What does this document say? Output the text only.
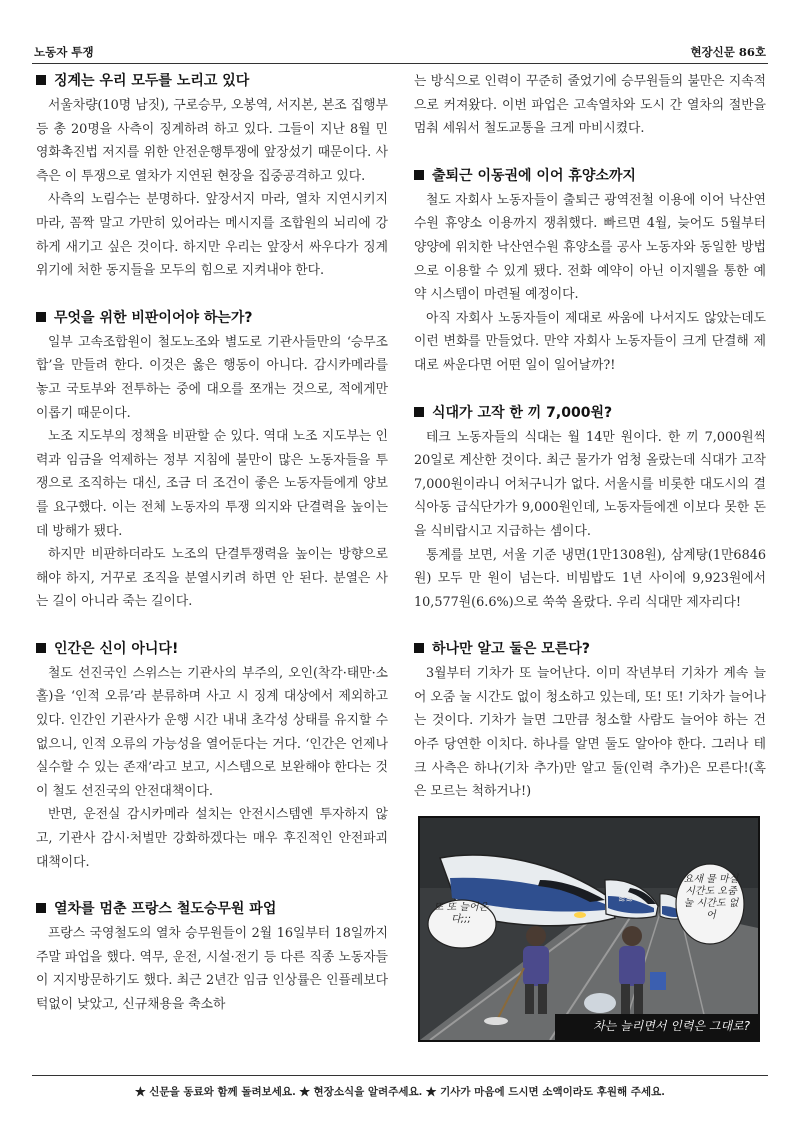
노동자 투쟁	현장신문 86호
징계는 우리 모두를 노리고 있다

서울차량(10명 남짓), 구로승무, 오봉역, 서지본, 본조 집행부 등 총 20명을 사측이 징계하려 하고 있다. 그들이 지난 8월 민영화촉진법 저지를 위한 안전운행투쟁에 앞장섰기 때문이다. 사측은 이 투쟁으로 열차가 지연된 현장을 집중공격하고 있다.

사측의 노림수는 분명하다. 앞장서지 마라, 열차 지연시키지 마라, 꼼짝 말고 가만히 있어라는 메시지를 조합원의 뇌리에 강하게 새기고 싶은 것이다. 하지만 우리는 앞장서 싸우다가 징계위기에 처한 동지들을 모두의 힘으로 지켜내야 한다.

무엇을 위한 비판이어야 하는가?

일부 고속조합원이 철도노조와 별도로 기관사들만의 ‘승무조합’을 만들려 한다. 이것은 옳은 행동이 아니다. 감시카메라를 놓고 국토부와 전투하는 중에 대오를 쪼개는 것으로, 적에게만 이롭기 때문이다.

노조 지도부의 정책을 비판할 순 있다. 역대 노조 지도부는 인력과 임금을 억제하는 정부 지침에 불만이 많은 노동자들을 투쟁으로 조직하는 대신, 조금 더 조건이 좋은 노동자들에게 양보를 요구했다. 이는 전체 노동자의 투쟁 의지와 단결력을 높이는 데 방해가 됐다.

하지만 비판하더라도 노조의 단결투쟁력을 높이는 방향으로 해야 하지, 거꾸로 조직을 분열시키려 하면 안 된다. 분열은 사는 길이 아니라 죽는 길이다.

인간은 신이 아니다!

철도 선진국인 스위스는 기관사의 부주의, 오인(착각·태만·소홀)을 ‘인적 오류’라 분류하며 사고 시 징계 대상에서 제외하고 있다. 인간인 기관사가 운행 시간 내내 초각성 상태를 유지할 수 없으니, 인적 오류의 가능성을 열어둔다는 거다. ‘인간은 언제나 실수할 수 있는 존재’라고 보고, 시스템으로 보완해야 한다는 것이 철도 선진국의 안전대책이다.

반면, 운전실 감시카메라 설치는 안전시스템엔 투자하지 않고, 기관사 감시·처벌만 강화하겠다는 매우 후진적인 안전파괴 대책이다.

열차를 멈춘 프랑스 철도승무원 파업

프랑스 국영철도의 열차 승무원들이 2월 16일부터 18일까지 주말 파업을 했다. 역무, 운전, 시설·전기 등 다른 직종 노동자들이 지지방문하기도 했다. 최근 2년간 임금 인상률은 인플레보다 턱없이 낮았고, 신규채용을 축소하

는 방식으로 인력이 꾸준히 줄었기에 승무원들의 불만은 지속적으로 커져왔다. 이번 파업은 고속열차와 도시 간 열차의 절반을 멈춰 세워서 철도교통을 크게 마비시켰다.

출퇴근 이동권에 이어 휴양소까지

철도 자회사 노동자들이 출퇴근 광역전철 이용에 이어 낙산연수원 휴양소 이용까지 쟁취했다. 빠르면 4월, 늦어도 5월부터 양양에 위치한 낙산연수원 휴양소를 공사 노동자와 동일한 방법으로 이용할 수 있게 됐다. 전화 예약이 아닌 이지웰을 통한 예약 시스템이 마련될 예정이다.

아직 자회사 노동자들이 제대로 싸움에 나서지도 않았는데도 이런 변화를 만들었다. 만약 자회사 노동자들이 크게 단결해 제대로 싸운다면 어떤 일이 일어날까?!

식대가 고작 한 끼 7,000원?

테크 노동자들의 식대는 월 14만 원이다. 한 끼 7,000원씩 20일로 계산한 것이다. 최근 물가가 엄청 올랐는데 식대가 고작 7,000원이라니 어처구니가 없다. 서울시를 비롯한 대도시의 결식아동 급식단가가 9,000원인데, 노동자들에겐 이보다 못한 돈을 식비랍시고 지급하는 셈이다.

통계를 보면, 서울 기준 냉면(1만1308원), 삼계탕(1만6846원) 모두 만 원이 넘는다. 비빔밥도 1년 사이에 9,923원에서 10,577원(6.6%)으로 쑥쑥 올랐다. 우리 식대만 제자리다!

하나만 알고 둘은 모른다?

3월부터 기차가 또 늘어난다. 이미 작년부터 기차가 계속 늘어 오줌 눌 시간도 없이 청소하고 있는데, 또! 또! 기차가 늘어나는 것이다. 기차가 늘면 그만큼 청소할 사람도 늘어야 하는 건 아주 당연한 이치다. 하나를 알면 둘도 알아야 한다. 그러나 테크 사측은 하나(기차 추가)만 알고 둘(인력 추가)은 모른다!(혹은 모르는 척하거나!)

≋≋
또 또 늘어온다;;;
요새 물 마실 시간도 오줌 눌 시간도 없어
차는 늘리면서 인력은 그대로?
★ 신문을 동료와 함께 돌려보세요. ★ 현장소식을 알려주세요. ★ 기사가 마음에 드시면 소액이라도 후원해 주세요.
